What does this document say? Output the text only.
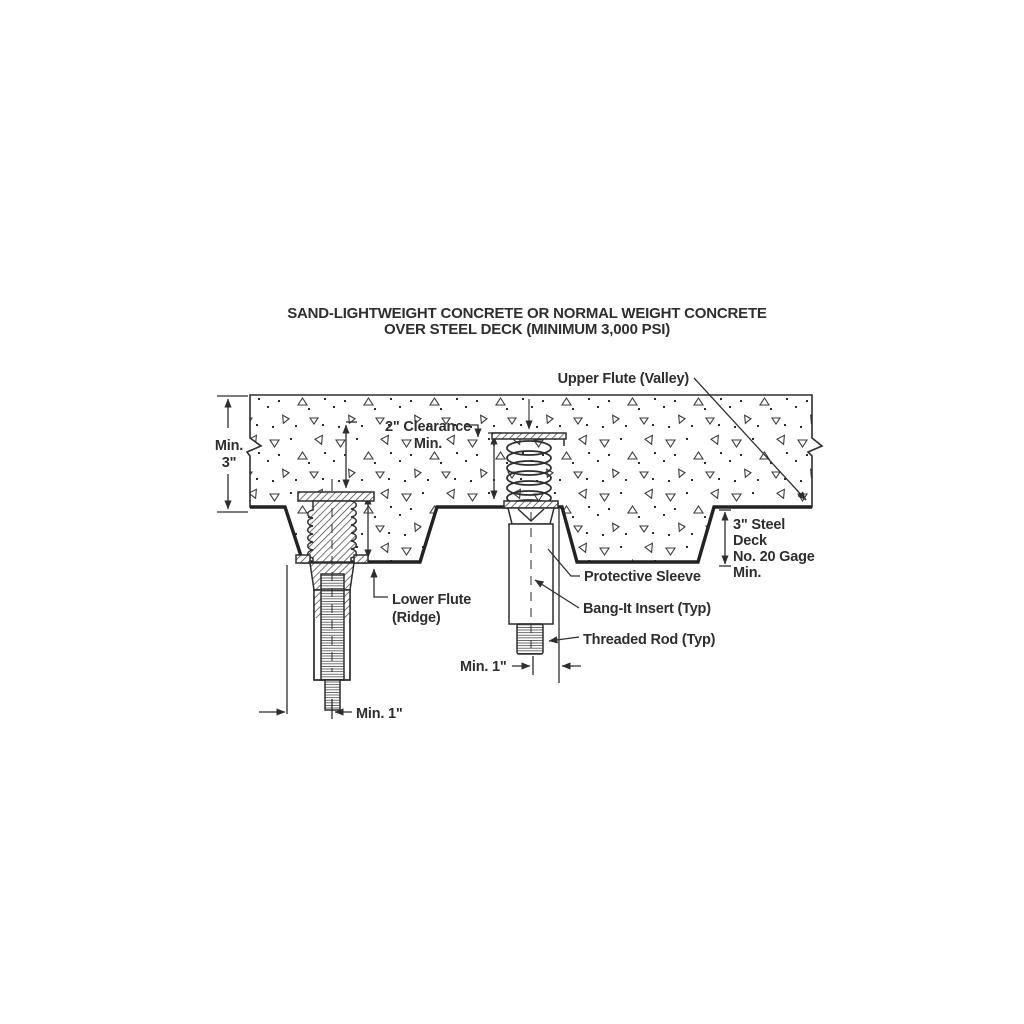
SAND-LIGHTWEIGHT CONCRETE OR NORMAL WEIGHT CONCRETE
OVER STEEL DECK (MINIMUM 3,000 PSI)
Min.
3"
2" Clearance
Min.
Upper Flute (Valley)
3" Steel
Deck
No. 20 Gage
Min.
Lower Flute
(Ridge)
Protective Sleeve
Bang-It Insert (Typ)
Threaded Rod (Typ)
Min. 1"
Min. 1"
